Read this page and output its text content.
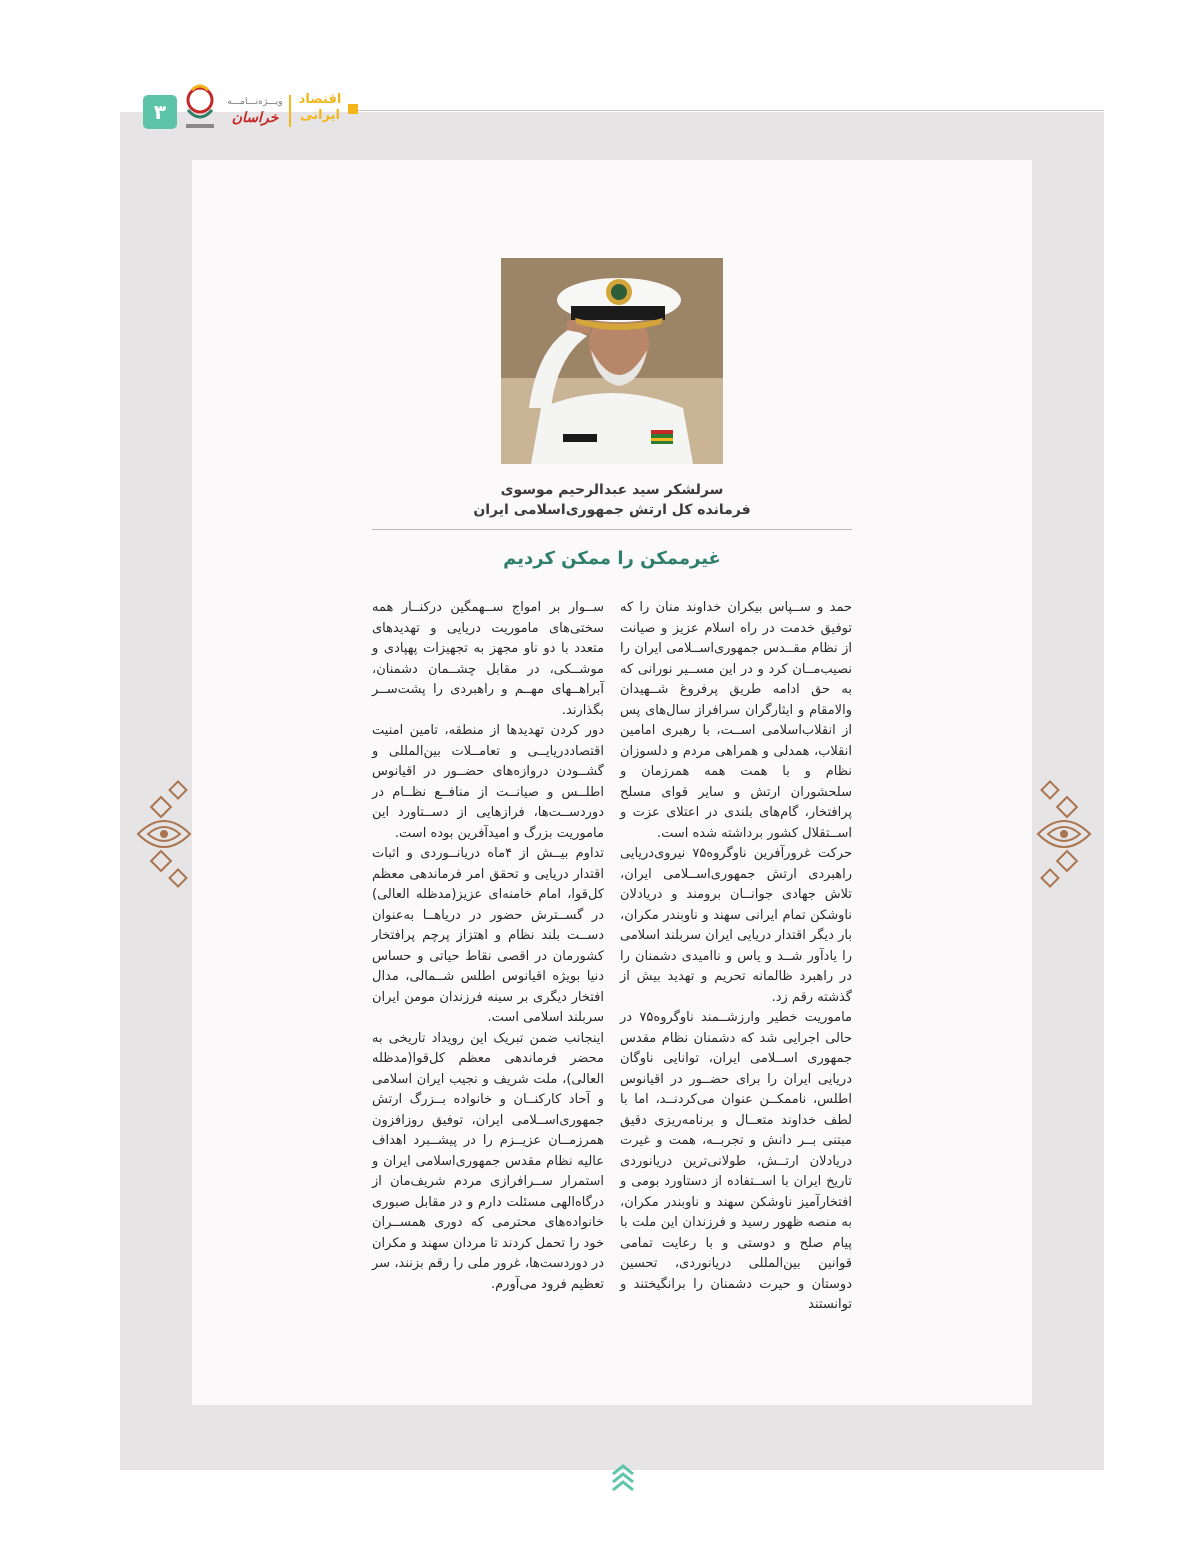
۳	ویـــژه‌نـــامـــه
خراسان
اقتصاد ایرانی
سرلشکر سید عبدالرحیم موسوی
فرمانده کل ارتش جمهوری‌اسلامی ایران
غیرممکن را ممکن کردیم

حمد و ســپاس بیکران خداوند منان را که توفیق خدمت در راه اسلام عزیز و صیانت از نظام مقــدس جمهوری‌اســلامی ایران را نصیب‌مــان کرد و در این مســیر نورانی که به حق ادامه طریق پرفروغ شــهیدان والامقام و ایثارگران سرافراز سال‌های پس از انقلاب‌اسلامی اســت، با رهبری امامین انقلاب، همدلی و همراهی مردم و دلسوزان نظام و با همت همه همرزمان و سلحشوران ارتش و سایر قوای مسلح پرافتخار، گام‌های بلندی در اعتلای عزت و اســتقلال کشور برداشته شده است.

حرکت غرورآفرین ناوگروه۷۵ نیروی‌دریایی راهبردی ارتش جمهوری‌اســلامی ایران، تلاش جهادی جوانــان برومند و دریادلان ناوشکن تمام ایرانی سهند و ناوبندر مکران، بار دیگر اقتدار دریایی ایران سربلند اسلامی را یادآور شــد و یاس و ناامیدی دشمنان را در راهبرد ظالمانه تحریم و تهدید بیش از گذشته رقم زد.

ماموریت خطیر وارزشــمند ناوگروه۷۵ در حالی اجرایی شد که دشمنان نظام مقدس جمهوری اســلامی ایران، توانایی ناوگان دریایی ایران را برای حضــور در اقیانوس اطلس، ناممکــن عنوان می‌کردنــد، اما با لطف خداوند متعــال و برنامه‌ریزی دقیق مبتنی بــر دانش و تجربــه، همت و غیرت دریادلان ارتــش، طولانی‌ترین دریانوردی تاریخ ایران با اســتفاده از دستاورد بومی و افتخارآمیز ناوشکن سهند و ناوبندر مکران، به منصه ظهور رسید و فرزندان این ملت با پیام صلح و دوستی و با رعایت تمامی قوانین بین‌المللی دریانوردی، تحسین دوستان و حیرت دشمنان را برانگیختند و توانستند

ســوار بر امواج ســهمگین درکنــار همه سختی‌های ماموریت دریایی و تهدیدهای متعدد با دو ناو مجهز به تجهیزات پهپادی و موشــکی، در مقابل چشــمان دشمنان، آبراهــهای مهــم و راهبردی را پشت‌ســر بگذارند.

دور کردن تهدیدها از منطقه، تامین امنیت اقتصاددریایــی و تعامــلات بین‌المللی و گشــودن دروازه‌های حضــور در اقیانوس اطلــس و صیانــت از منافــع نظــام در دوردســت‌ها، فرازهایی از دســتاورد این ماموریت بزرگ و امیدآفرین بوده است.

تداوم بیــش از ۴ماه دریانــوردی و اثبات اقتدار دریایی و تحقق امر فرماندهی معظم کل‌قوا، امام خامنه‌ای عزیز(مدظله العالی) در گســترش حضور در دریاهــا به‌عنوان دســت بلند نظام و اهتزاز پرچم پرافتخار کشورمان در اقصی نقاط حیاتی و حساس دنیا بویژه اقیانوس اطلس شــمالی، مدال افتخار دیگری بر سینه فرزندان مومن ایران سربلند اسلامی است.

اینجانب ضمن تبریک این رویداد تاریخی به محضر فرماندهی معظم کل‌قوا(مدظله العالی)، ملت شریف و نجیب ایران اسلامی و آحاد کارکنــان و خانواده بــزرگ ارتش جمهوری‌اســلامی ایران، توفیق روزافزون همرزمــان عزیــزم را در پیشــبرد اهداف عالیه نظام مقدس جمهوری‌اسلامی ایران و استمرار ســرافرازی مردم شریف‌مان از درگاه‌الهی مسئلت دارم و در مقابل صبوری خانواده‌های محترمی که دوری همســران خود را تحمل کردند تا مردان سهند و مکران در دوردست‌ها، غرور ملی را رقم بزنند، سر تعظیم فرود می‌آورم.
